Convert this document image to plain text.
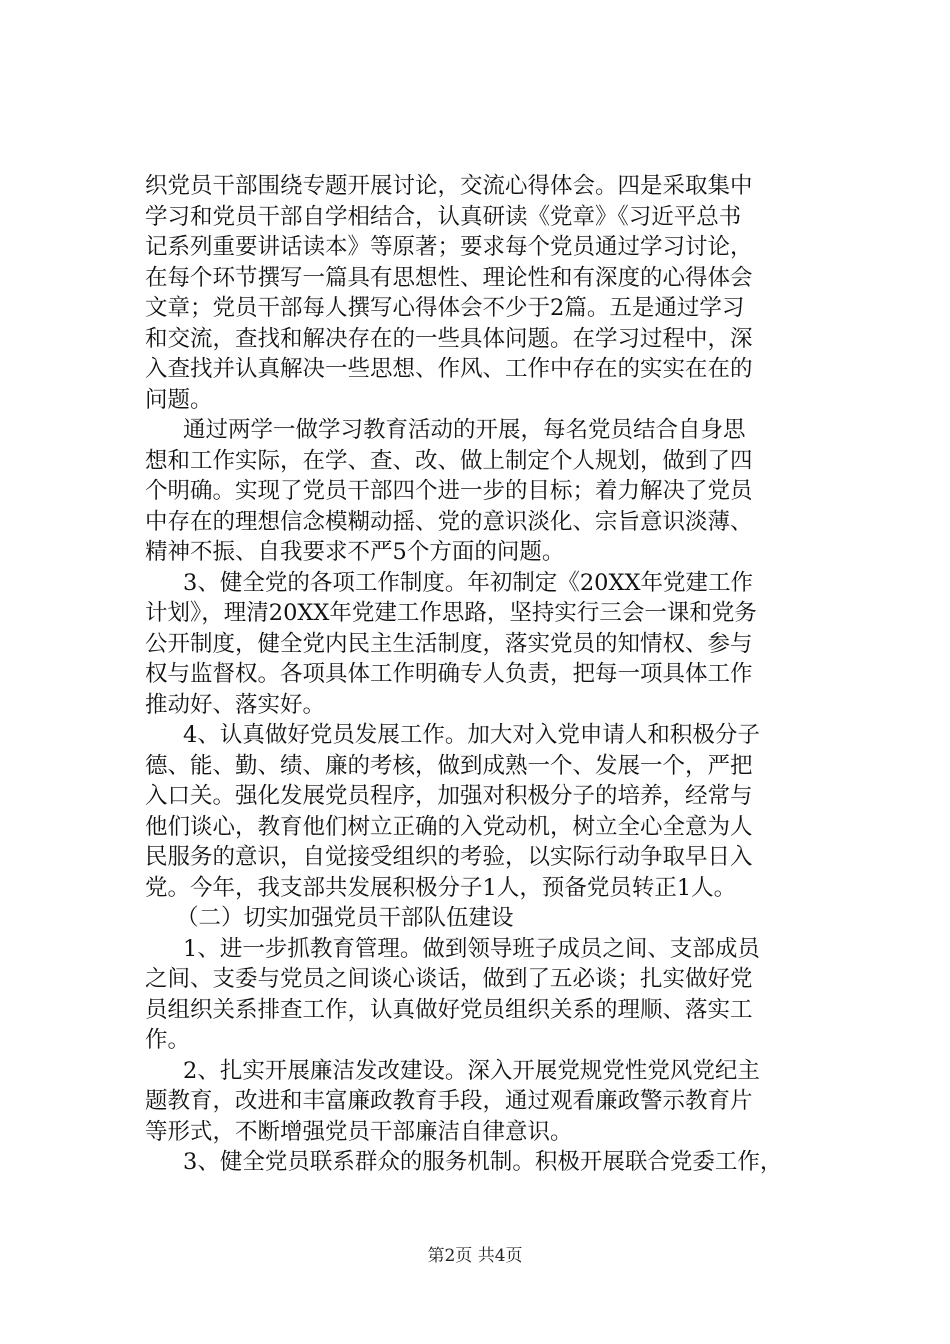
织党员干部围绕专题开展讨论，交流心得体会。四是采取集中
学习和党员干部自学相结合，认真研读《党章》《习近平总书
记系列重要讲话读本》等原著；要求每个党员通过学习讨论，
在每个环节撰写一篇具有思想性、理论性和有深度的心得体会
文章；党员干部每人撰写心得体会不少于2篇。五是通过学习
和交流，查找和解决存在的一些具体问题。在学习过程中，深
入查找并认真解决一些思想、作风、工作中存在的实实在在的
问题。
通过两学一做学习教育活动的开展，每名党员结合自身思
想和工作实际，在学、查、改、做上制定个人规划，做到了四
个明确。实现了党员干部四个进一步的目标；着力解决了党员
中存在的理想信念模糊动摇、党的意识淡化、宗旨意识淡薄、
精神不振、自我要求不严5个方面的问题。
3、健全党的各项工作制度。年初制定《20XX年党建工作
计划》，理清20XX年党建工作思路，坚持实行三会一课和党务
公开制度，健全党内民主生活制度，落实党员的知情权、参与
权与监督权。各项具体工作明确专人负责，把每一项具体工作
推动好、落实好。
4、认真做好党员发展工作。加大对入党申请人和积极分子
德、能、勤、绩、廉的考核，做到成熟一个、发展一个，严把
入口关。强化发展党员程序，加强对积极分子的培养，经常与
他们谈心，教育他们树立正确的入党动机，树立全心全意为人
民服务的意识，自觉接受组织的考验，以实际行动争取早日入
党。今年，我支部共发展积极分子1人，预备党员转正1人。
（二）切实加强党员干部队伍建设
1、进一步抓教育管理。做到领导班子成员之间、支部成员
之间、支委与党员之间谈心谈话，做到了五必谈；扎实做好党
员组织关系排查工作，认真做好党员组织关系的理顺、落实工
作。
2、扎实开展廉洁发改建设。深入开展党规党性党风党纪主
题教育，改进和丰富廉政教育手段，通过观看廉政警示教育片
等形式，不断增强党员干部廉洁自律意识。
3、健全党员联系群众的服务机制。积极开展联合党委工作，
第2页 共4页
